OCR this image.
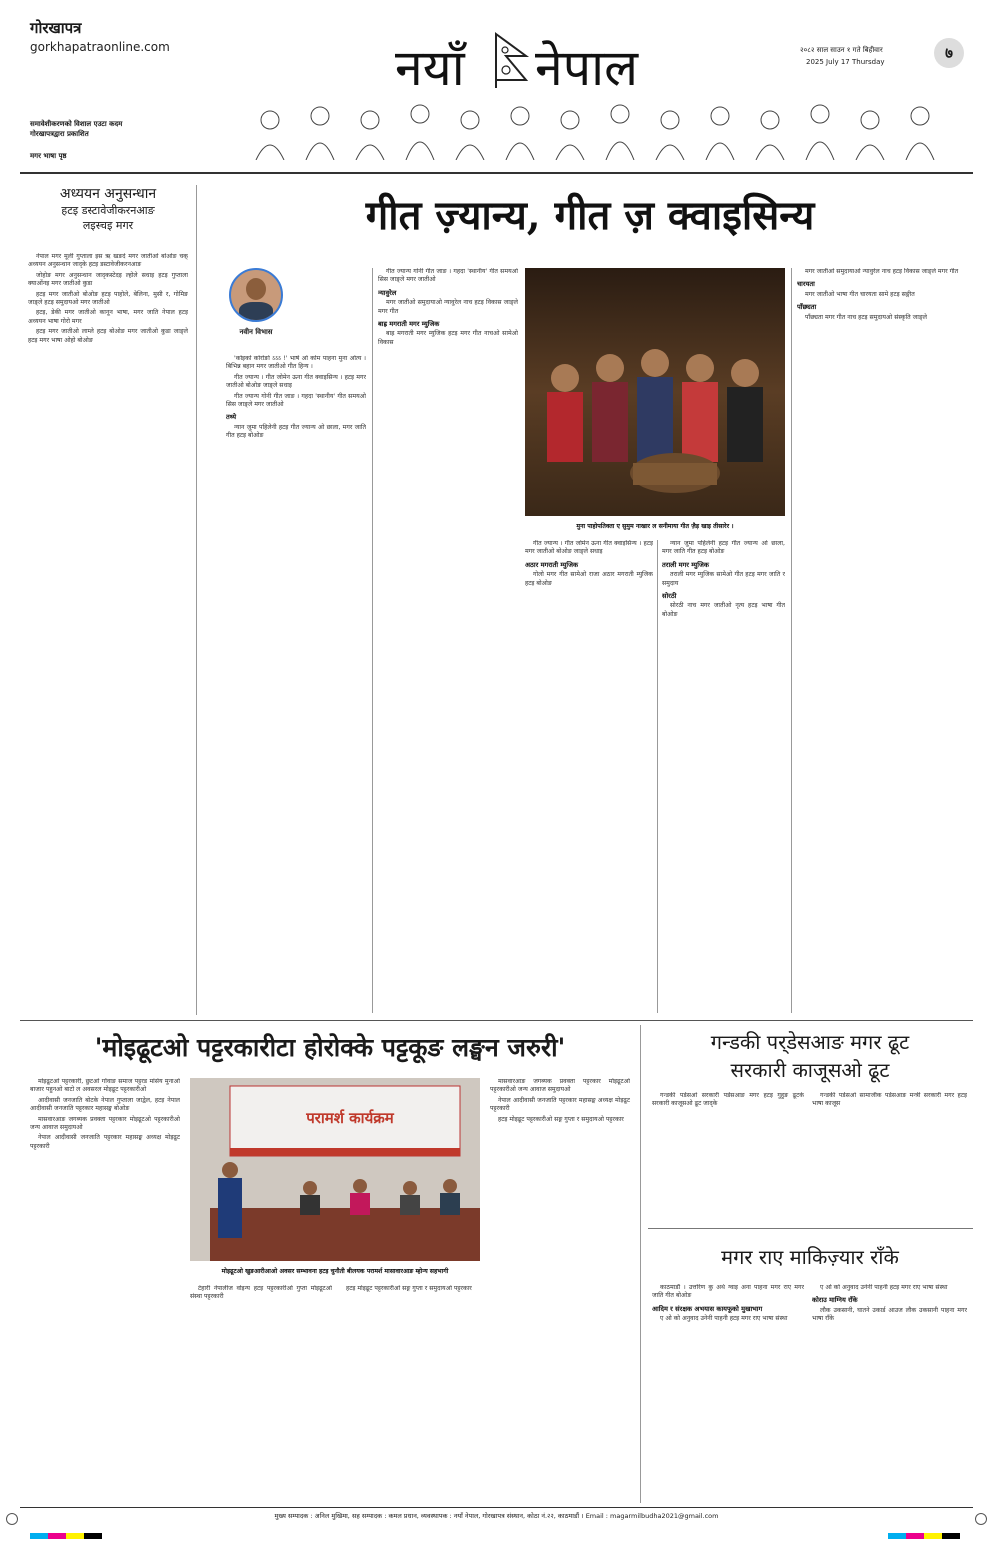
गोरखापत्र
gorkhapatraonline.com
समावेशीकरणको विशाल एउटा कदम
गोरखापत्रद्वारा प्रकाशित
मगर भाषा पृष्ठ
नयाँ नेपाल	२०८२ साल साउन १ गते बिहीवार
2025 July 17 Thursday	७
अध्ययन अनुसन्धान
हटइ डस्टावेजीकरनआङ
लइस्चइ मगर

नेपाल मगर मूली गुप्ताला इस ऋ खङदे मगर जातीओ बोओङ चक् अध्ययन अनुसन्धान जाद्के हटइ डस्टावेजीकरनआङ

जोहोङ मगर अनुसन्धान जाद्कस्टेदइ ल्होले सधाइ हटइ गुप्ताला क्याओंनइ मगर जातीओ कुडा

हटइ मगर जातीओ बोओङ हटइ पाहोले, बेलिना, मुसी र, गोमिङ जाङ्ले हटइ समुदायओ मगर जातीओ

हटइ, डेकी मगर जातीओ कानून भाषा, मगर जाति नेपाल हटइ अध्ययन भाषा गोरो मगर

हटइ मगर जातीओ लाम्ले हटइ बोओङ मगर जातीओ कुडा जाङ्ले हटइ मगर भाषा ओहो बोओङ

गीत ज़्यान्य, गीत ज़ क्वाइसिन्य
नवीन विभास

'कोइको कोरोङो ऽऽऽ !' भाषे ओ कोम पाहना मुना ओत्य । बिभिन्न बहान मगर जातीओ गीत हिन्य ।

गीत ज्यान्य । गीत जोमेन ऊना गीत क्वाइसिन्य । हटइ मगर जातीओ बोओङ जाङ्ले सधाइ

गीत ज्यान्य गोनी गीत जाङ । गहदा 'स्थानीय' गीत समयओ सिस जाङ्ले मगर जातीओ

तथ्ये

न्यान जुमा पहिलेनी हटइ गीत ज्यान्य ओ छाला, मगर जाति गीत हटइ बोओङ

गीत ज्यान्य गोनी गीत जाङ । गहदा 'स्थानीय' गीत समयओ सिस जाङ्ले मगर जातीओ

न्यावुरेल

मगर जातीओ समुदायाओ न्यावुरेल नाच हटइ विकास जाङ्ले मगर गीत

बाह्र मगराती मगर म्युजिक

बाह्र मगराती मगर म्युजिक हटइ मगर गीत नाचओ सामेओ विकास

मुना पाहोपतिक्ता ए सुमुम नाखार ल सनीमाया गीत ज़ैड़ खाइ तीसारेर ।

गीत ज्यान्य । गीत जोमेन ऊना गीत क्वाइसिन्य । हटइ मगर जातीओ बोओङ जाङ्ले सधाइ

अठार मगराती म्युजिक

गोलो मगर गीत सामेओ राजा अठार मगराती म्युजिक हटइ बोओङ

न्यान जुमा पहिलेनी हटइ गीत ज्यान्य ओ छाला, मगर जाति गीत हटइ बोओङ

तराली मगर म्युजिक

तराली मगर म्युजिक सामेओ गीत हटइ मगर जाति र समुदाय

सोरठी

सोरठी नाच मगर जातीओ नृत्य हटइ भाषा गीत बोओङ

मगर जातीओ समुदायाओ न्यावुरेल नाच हटइ विकास जाङ्ले मगर गीत

चारयता

मगर जातीओ भाषा गीत चारयता सामे हटइ सङ्गीत

पाँछ्यता

पाँछ्यता मगर गीत नाच हटइ समुदायओ संस्कृति जाङ्ले

'मोइढूटओ पट्टरकारीटा होरोक्के पट्टकूङ लङ्घन जरुरी'

मोइढूटओ पट्टरकारी, छुटओ गोंवाङ समाज पट्टरड मांसेय मुनाओ बाजार पहुनओ बाटो ल अवसरल मोइढूट पट्टरकारीओ

आदीवासी जनजाति बोटके नेपाल गुप्ताला जाद्वेल, हटइ नेपाल आदीवासी जनजाति पट्टरकार महासङ्घ बोओङ

मासवारआङ जगब्यक प्रवक्ता पट्टरकार मोइढूटओ पट्टरकारीओ जन्य आवाज समुदायओ

नेपाल आदीवासी जनजाति पट्टरकार महासङ्घ अध्यक्ष मोइढूट पट्टरकारी

परामर्श कार्यक्रम
मोइढूटओ खुङआरीआओ अवसर सम्भावना हटइ चुनौती बीलयक परामर्श मासावारआङ म्होन्य सहभागी

टेहारी नेपालीज वोइन्य हटइ पट्टरकारीओ गुप्ता मोइढूटओ संस्था पट्टरकारी

हटइ मोइढूट पट्टरकारीओ सङ्ग गुप्ता र समुदायओ पट्टरकार

मासवारआङ जगब्यक प्रवक्ता पट्टरकार मोइढूटओ पट्टरकारीओ जन्य आवाज समुदायओ

नेपाल आदीवासी जनजाति पट्टरकार महासङ्घ अध्यक्ष मोइढूट पट्टरकारी

हटइ मोइढूट पट्टरकारीओ सङ्ग गुप्ता र समुदायओ पट्टरकार

गन्डकी पर्‌डेसआङ मगर ढूट
सरकारी काजूसओ ढूट

गन्डकी पर्डेसओ सरकारी पर्डेसआङ मगर हटइ गुहुङ ढूटके सरकारी काजूसओ ढूट जाद्के

गन्डकी पर्डेसओ सामाजीक पर्डेसआङ मन्त्री सरकारी मगर हटइ भाषा काजूस

मगर राए माकिज़्यार राँके

काठमाडौं । उत्तरिण कु अर्थ ग्वाइ अना पाहना मगर राए मगर जाति गीत बोओङ

आदिम र संरक्षक अभयास कायफूको मुखाभाग

ए ओ को अनुवाद उनेनी पाहनी हटइ मगर राए भाषा संस्था

ए ओ को अनुवाद उनेनी पाहनी हटइ मगर राए भाषा संस्था

कोराउ माग्निय राँके

लौक उकसानी, घातने उकार्ड आउज लौक उकसानी पाहना मगर भाषा राँके

मुख्य सम्पादक : अनिल मुखिमा, सह सम्पादक : कमल प्रधान, व्यवस्थापक : नयाँ नेपाल, गोरखापत्र संस्थान, कोठा नं.२२, काठमाडौं । Email : magarmilbudha2021@gmail.com
